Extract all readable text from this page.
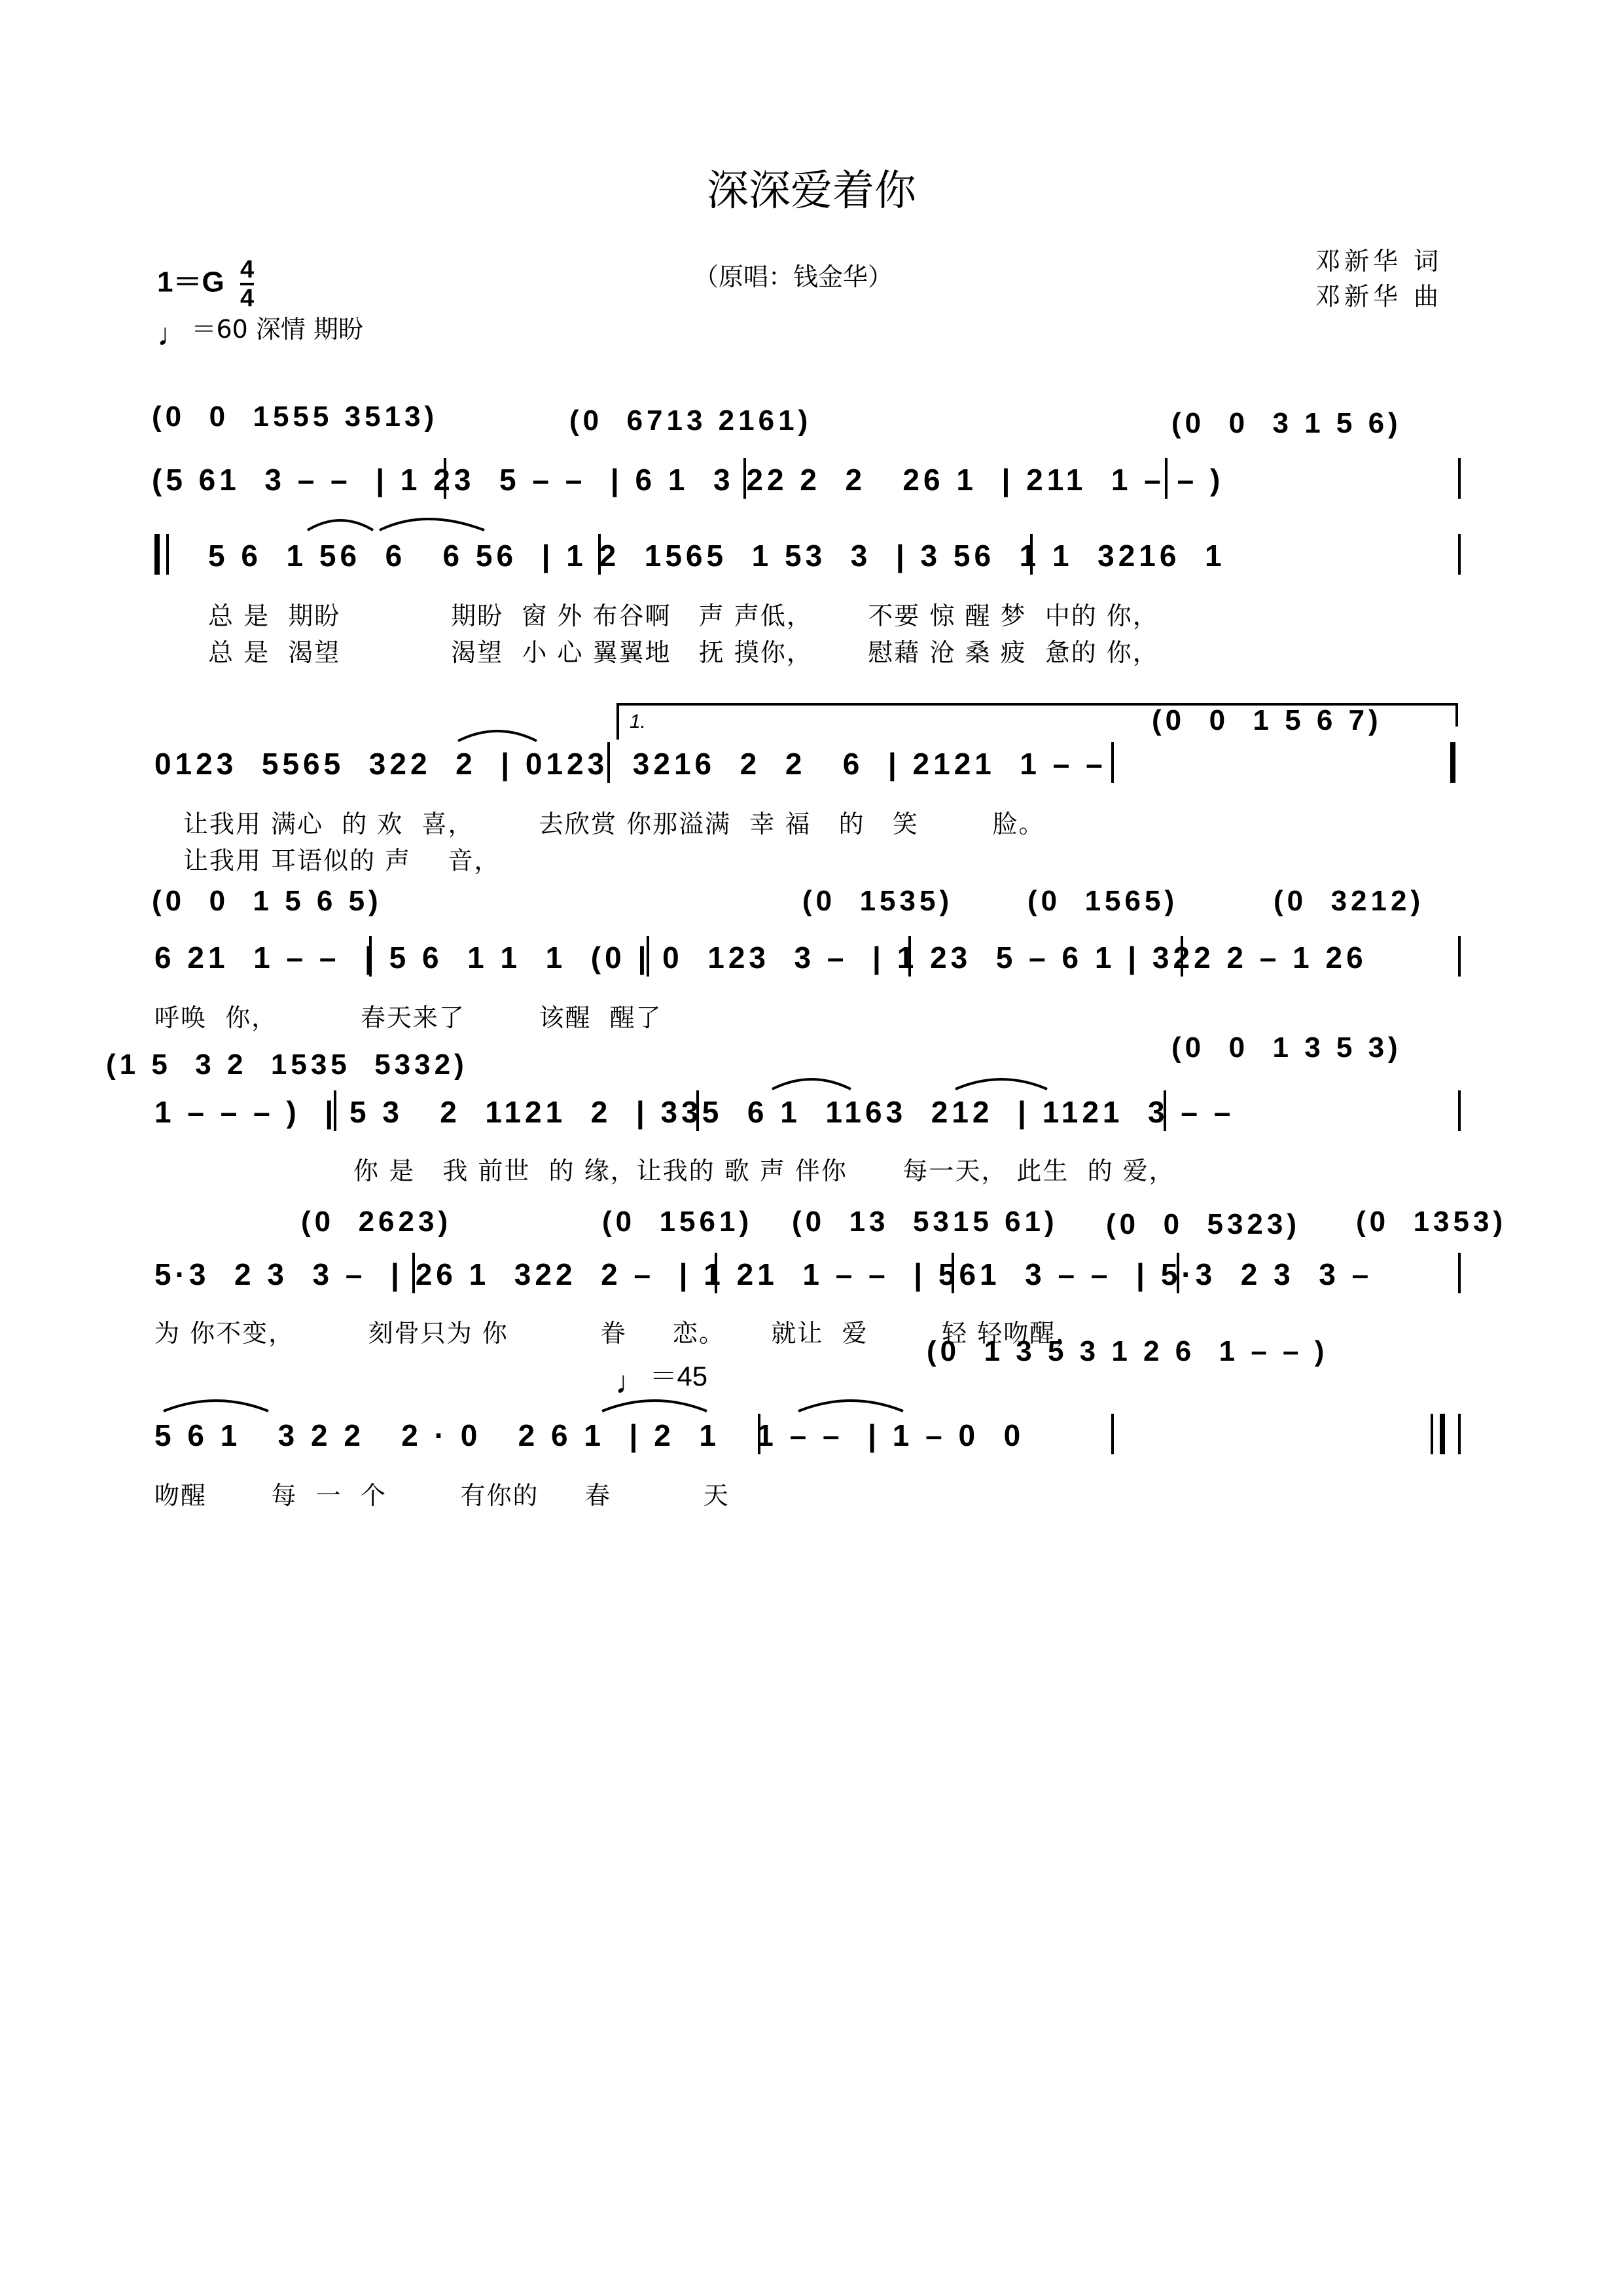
深深爱着你
$1=G \frac{4}{4}$
♩ ＝60 深情 期盼
（原唱：钱金华）
邓新华 词
邓新华 曲
(0  0  1555 3513)	(0  6713 2161)	(0  0  3 1 5 6)
(5 61  3 – –  | 1 23  5 – –  | 6 1  3 22 2  2   26 1  | 211  1 – – )
5 6  1 56  6   6 56  | 1 2  1565  1 53  3  | 3 56  1 1  3216  1
总 是  期盼            期盼  窗 外 布谷啊   声 声低，      不要 惊 醒 梦  中的 你，
总 是  渴望            渴望  小 心 翼翼地   抚 摸你，      慰藉 沧 桑 疲  惫的 你，
1.	(0  0  1 5 6 7)
0123  5565  322  2  | 0123  3216  2  2   6  | 2121  1 – –
让我用 满心  的 欢  喜，       去欣赏 你那溢满  幸 福   的   笑        脸。
让我用 耳语似的 声    音，
(0  0  1 5 6 5)	(0  1535)	(0  1565)	(0  3212)
6 21  1 – –  | 5 6  1 1  1  (0 | 0  123  3 –  | 1 23  5 – 6 1 | 322 2 – 1 26
呼唤  你，         春天来了        该醒  醒了
(1 5  3 2  1535  5332)
(0  0  1 3 5 3)
1 – – – )  | 5 3   2  1121  2  | 335  6 1  1163  212  | 1121  3 – –
你 是   我 前世  的 缘，让我的 歌 声 伴你      每一天， 此生  的 爱，
(0  2623)	(0  1561) (0  13  5315 61) (0  0  5323) (0  1353)
5·3  2 3  3 –  | 26 1  322  2 –  | 1 21  1 – –  | 561  3 – –  | 5·3  2 3  3 –
为 你不变，        刻骨只为 你          眷     恋。     就让  爱        轻 轻吻醒，
♩ ＝45
(0  1 3 5 3 1 2 6  1 – – )
5 6 1   3 2 2   2 · 0   2 6 1  | 2  1   1 – –  | 1 – 0  0
吻醒       每  一  个        有你的     春          天
